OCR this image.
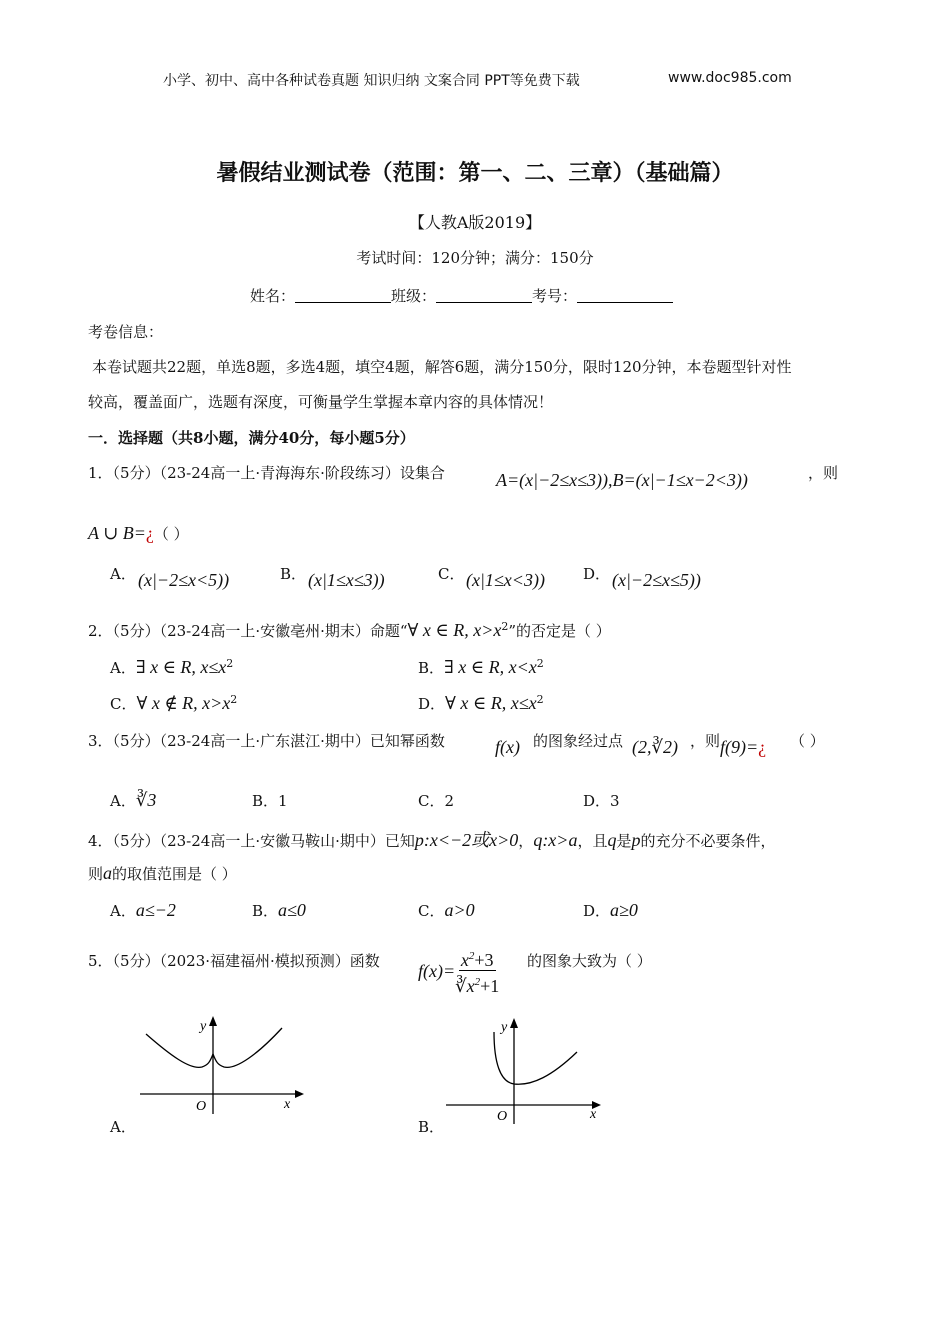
小学、初中、高中各种试卷真题 知识归纳 文案合同 PPT等免费下载	www.doc985.com
暑假结业测试卷（范围：第一、二、三章）（基础篇）
【人教A版2019】
考试时间：120分钟；满分：150分
姓名：	班级：	考号：
考卷信息：
本卷试题共22题，单选8题，多选4题，填空4题，解答6题，满分150分，限时120分钟，本卷题型针对性
较高，覆盖面广，选题有深度，可衡量学生掌握本章内容的具体情况！
一．选择题（共8小题，满分40分，每小题5分）
1．（5分）（23-24高一上·青海海东·阶段练习）设集合	A=(x|−2≤x≤3)),B=(x|−1≤x−2<3))	，则
A ∪ B=¿（ ）
A． (x|−2≤x<5))	B． (x|1≤x≤3))	C． (x|1≤x<3))	D． (x|−2≤x≤5))
2．（5分）（23-24高一上·安徽亳州·期末）命题“∀ x ∈ R, $x>x^2$”的否定是（ ）
A．∃ x ∈ R, $x\le x^2$	B．∃ x ∈ R, $x<x^2$
C．∀ x ∉ R, $x>x^2$	D．∀ x ∈ R, $x\le x^2$
3．（5分）（23-24高一上·广东湛江·期中）已知幂函数	f(x) 的图象经过点 (2,∛2) ，则 f(9)=¿ （ ）
A．∛3	B．1	C．2	D．3
4．（5分）（23-24高一上·安徽马鞍山·期中）已知p:x<−2或x>0，q:x>a，且q是p的充分不必要条件，
则a的取值范围是（ ）
A．a≤−2	B．a≤0	C．a>0	D．a≥0
5．（5分）（2023·福建福州·模拟预测）函数 $f(x)= \frac{x^2+3}{∛x^2+1}$ 的图象大致为（ ）
y
x
O
A．
y
x
O
B．
